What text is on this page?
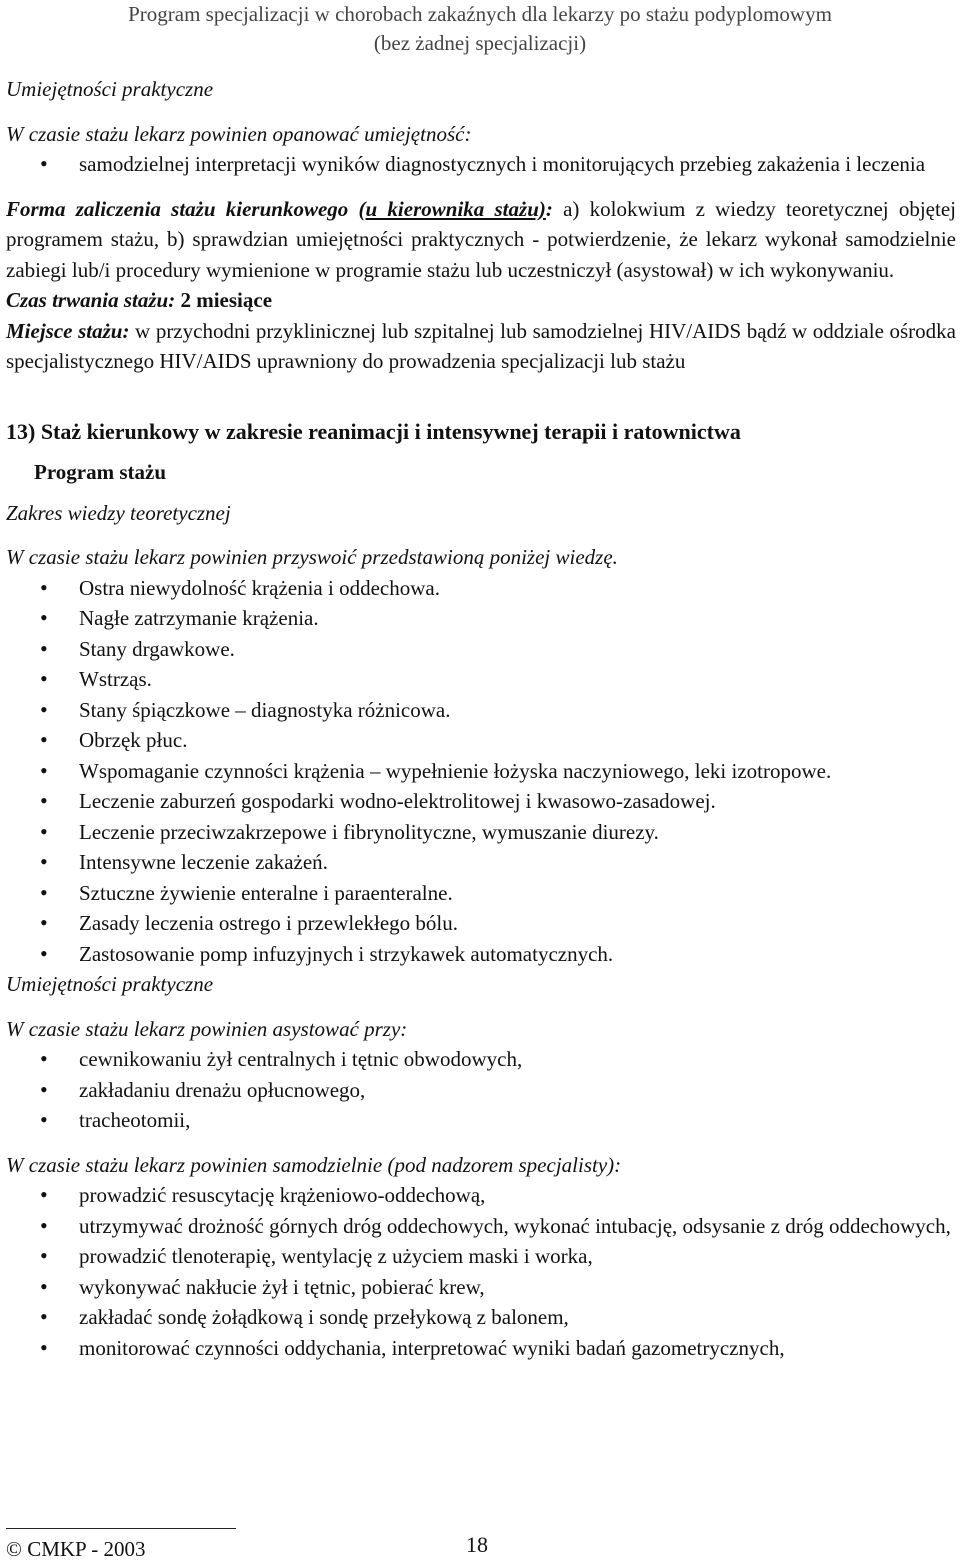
Program specjalizacji w chorobach zakaźnych dla lekarzy po stażu podyplomowym
(bez żadnej specjalizacji)

Umiejętności praktyczne

W czasie stażu lekarz powinien opanować umiejętność:

• samodzielnej interpretacji wyników diagnostycznych i monitorujących przebieg zakażenia i leczenia

Forma zaliczenia stażu kierunkowego (u kierownika stażu): a) kolokwium z wiedzy teoretycznej objętej programem stażu, b) sprawdzian umiejętności praktycznych - potwierdzenie, że lekarz wykonał samodzielnie zabiegi lub/i procedury wymienione w programie stażu lub uczestniczył (asystował) w ich wykonywaniu.

Czas trwania stażu: 2 miesiące

Miejsce stażu: w przychodni przyklinicznej lub szpitalnej lub samodzielnej HIV/AIDS bądź w oddziale ośrodka specjalistycznego HIV/AIDS uprawniony do prowadzenia specjalizacji lub stażu

13) Staż kierunkowy w zakresie reanimacji i intensywnej terapii i ratownictwa

Program stażu

Zakres wiedzy teoretycznej

W czasie stażu lekarz powinien przyswoić przedstawioną poniżej wiedzę.

• Ostra niewydolność krążenia i oddechowa.
• Nagłe zatrzymanie krążenia.
• Stany drgawkowe.
• Wstrząs.
• Stany śpiączkowe – diagnostyka różnicowa.
• Obrzęk płuc.
• Wspomaganie czynności krążenia – wypełnienie łożyska naczyniowego, leki izotropowe.
• Leczenie zaburzeń gospodarki wodno-elektrolitowej i kwasowo-zasadowej.
• Leczenie przeciwzakrzepowe i fibrynolityczne, wymuszanie diurezy.
• Intensywne leczenie zakażeń.
• Sztuczne żywienie enteralne i paraenteralne.
• Zasady leczenia ostrego i przewlekłego bólu.
• Zastosowanie pomp infuzyjnych i strzykawek automatycznych.

Umiejętności praktyczne

W czasie stażu lekarz powinien asystować przy:

• cewnikowaniu żył centralnych i tętnic obwodowych,
• zakładaniu drenażu opłucnowego,
• tracheotomii,

W czasie stażu lekarz powinien samodzielnie (pod nadzorem specjalisty):

• prowadzić resuscytację krążeniowo-oddechową,
• utrzymywać drożność górnych dróg oddechowych, wykonać intubację, odsysanie z dróg oddechowych,
• prowadzić tlenoterapię, wentylację z użyciem maski i worka,
• wykonywać nakłucie żył i tętnic, pobierać krew,
• zakładać sondę żołądkową i sondę przełykową z balonem,
• monitorować czynności oddychania, interpretować wyniki badań gazometrycznych,
© CMKP - 2003	18
